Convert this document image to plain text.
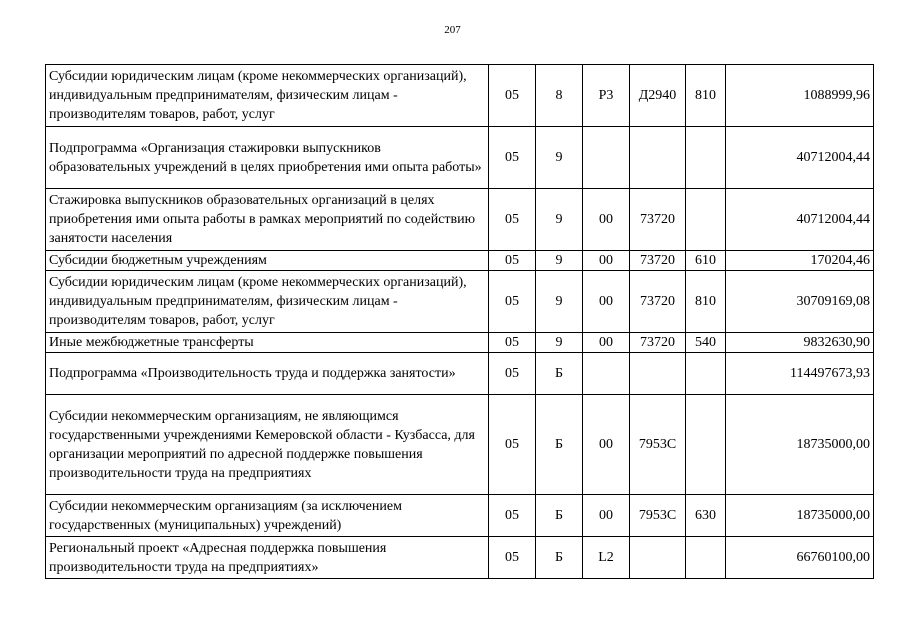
207
Субсидии юридическим лицам (кроме некоммерческих организаций), индивидуальным предпринимателям, физическим лицам - производителям товаров, работ, услуг	05	8	Р3	Д2940	810	1088999,96
Подпрограмма «Организация стажировки выпускников образовательных учреждений в целях приобретения ими опыта работы»	05	9				40712004,44
Стажировка выпускников образовательных организаций в целях приобретения ими опыта работы в рамках мероприятий по содействию занятости населения	05	9	00	73720		40712004,44
Субсидии бюджетным учреждениям	05	9	00	73720	610	170204,46
Субсидии юридическим лицам (кроме некоммерческих организаций), индивидуальным предпринимателям, физическим лицам - производителям товаров, работ, услуг	05	9	00	73720	810	30709169,08
Иные межбюджетные трансферты	05	9	00	73720	540	9832630,90
Подпрограмма «Производительность труда и поддержка занятости»	05	Б				114497673,93
Субсидии некоммерческим организациям, не являющимся государственными учреждениями Кемеровской области - Кузбасса, для организации мероприятий по адресной поддержке повышения производительности труда на предприятиях	05	Б	00	7953С		18735000,00
Субсидии некоммерческим организациям (за исключением государственных (муниципальных) учреждений)	05	Б	00	7953С	630	18735000,00
Региональный проект «Адресная поддержка повышения производительности труда на предприятиях»	05	Б	L2			66760100,00
